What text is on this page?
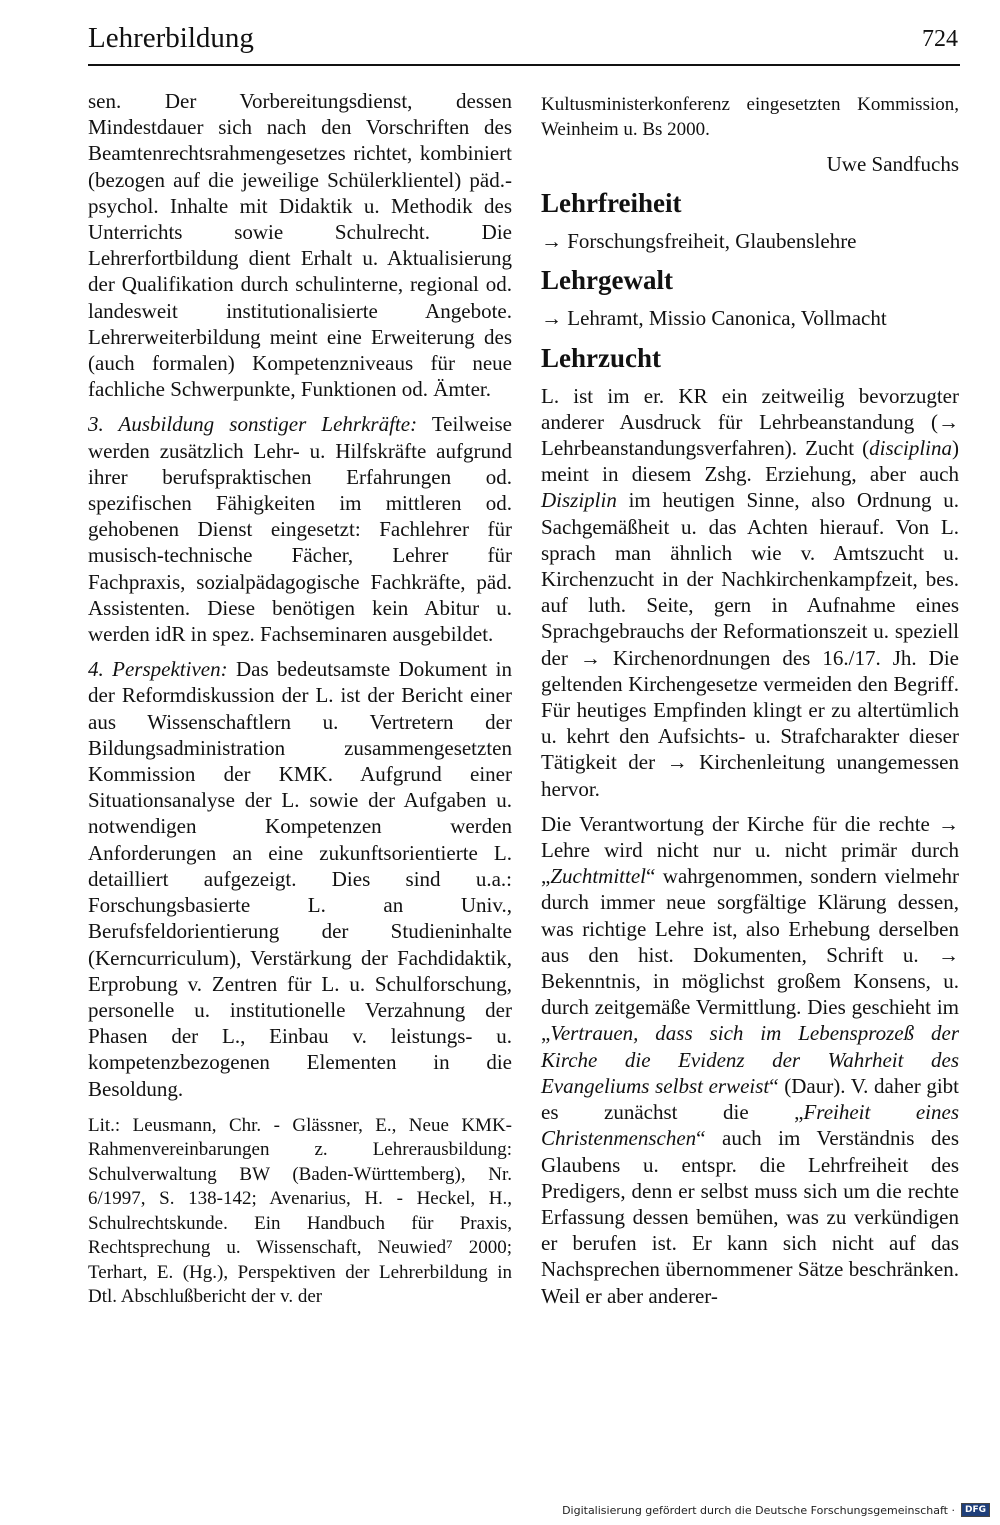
Lehrerbildung	724

sen. Der Vorbereitungsdienst, dessen Mindestdauer sich nach den Vorschriften des Beamtenrechtsrahmengesetzes richtet, kombiniert (bezogen auf die jeweilige Schülerklientel) päd.-psychol. Inhalte mit Didaktik u. Methodik des Unterrichts sowie Schulrecht. Die Lehrerfortbildung dient Erhalt u. Aktualisierung der Qualifikation durch schulinterne, regional od. landesweit institutionalisierte Angebote. Lehrerweiterbildung meint eine Erweiterung des (auch formalen) Kompetenzniveaus für neue fachliche Schwerpunkte, Funktionen od. Ämter.

3. Ausbildung sonstiger Lehrkräfte: Teilweise werden zusätzlich Lehr- u. Hilfskräfte aufgrund ihrer berufspraktischen Erfahrungen od. spezifischen Fähigkeiten im mittleren od. gehobenen Dienst eingesetzt: Fachlehrer für musisch-technische Fächer, Lehrer für Fachpraxis, sozialpädagogische Fachkräfte, päd. Assistenten. Diese benötigen kein Abitur u. werden idR in spez. Fachseminaren ausgebildet.

4. Perspektiven: Das bedeutsamste Dokument in der Reformdiskussion der L. ist der Bericht einer aus Wissenschaftlern u. Vertretern der Bildungsadministration zusammengesetzten Kommission der KMK. Aufgrund einer Situationsanalyse der L. sowie der Aufgaben u. notwendigen Kompetenzen werden Anforderungen an eine zukunftsorientierte L. detailliert aufgezeigt. Dies sind u.a.: Forschungsbasierte L. an Univ., Berufsfeldorientierung der Studieninhalte (Kerncurriculum), Verstärkung der Fachdidaktik, Erprobung v. Zentren für L. u. Schulforschung, personelle u. institutionelle Verzahnung der Phasen der L., Einbau v. leistungs- u. kompetenzbezogenen Elementen in die Besoldung.

Lit.: Leusmann, Chr. - Glässner, E., Neue KMK-Rahmenvereinbarungen z. Lehrerausbildung: Schulverwaltung BW (Baden-Württemberg), Nr. 6/1997, S. 138-142; Avenarius, H. - Heckel, H., Schulrechtskunde. Ein Handbuch für Praxis, Rechtsprechung u. Wissenschaft, Neuwied⁷ 2000; Terhart, E. (Hg.), Perspektiven der Lehrerbildung in Dtl. Abschlußbericht der v. der

Kultusministerkonferenz eingesetzten Kommission, Weinheim u. Bs 2000.

Uwe Sandfuchs

Lehrfreiheit

→ Forschungsfreiheit, Glaubenslehre

Lehrgewalt

→ Lehramt, Missio Canonica, Vollmacht

Lehrzucht

L. ist im er. KR ein zeitweilig bevorzugter anderer Ausdruck für Lehrbeanstandung (→ Lehrbeanstandungsverfahren). Zucht (disciplina) meint in diesem Zshg. Erziehung, aber auch Disziplin im heutigen Sinne, also Ordnung u. Sachgemäßheit u. das Achten hierauf. Von L. sprach man ähnlich wie v. Amtszucht u. Kirchenzucht in der Nachkirchenkampfzeit, bes. auf luth. Seite, gern in Aufnahme eines Sprachgebrauchs der Reformationszeit u. speziell der → Kirchenordnungen des 16./17. Jh. Die geltenden Kirchengesetze vermeiden den Begriff. Für heutiges Empfinden klingt er zu altertümlich u. kehrt den Aufsichts- u. Strafcharakter dieser Tätigkeit der → Kirchenleitung unangemessen hervor.

Die Verantwortung der Kirche für die rechte → Lehre wird nicht nur u. nicht primär durch „Zuchtmittel“ wahrgenommen, sondern vielmehr durch immer neue sorgfältige Klärung dessen, was richtige Lehre ist, also Erhebung derselben aus den hist. Dokumenten, Schrift u. → Bekenntnis, in möglichst großem Konsens, u. durch zeitgemäße Vermittlung. Dies geschieht im „Vertrauen, dass sich im Lebensprozeß der Kirche die Evidenz der Wahrheit des Evangeliums selbst erweist“ (Daur). V. daher gibt es zunächst die „Freiheit eines Christenmenschen“ auch im Verständnis des Glaubens u. entspr. die Lehrfreiheit des Predigers, denn er selbst muss sich um die rechte Erfassung dessen bemühen, was zu verkündigen er berufen ist. Er kann sich nicht auf das Nachsprechen übernommener Sätze beschränken. Weil er aber anderer-

Digitalisierung gefördert durch die Deutsche Forschungsgemeinschaft ·	DFG
